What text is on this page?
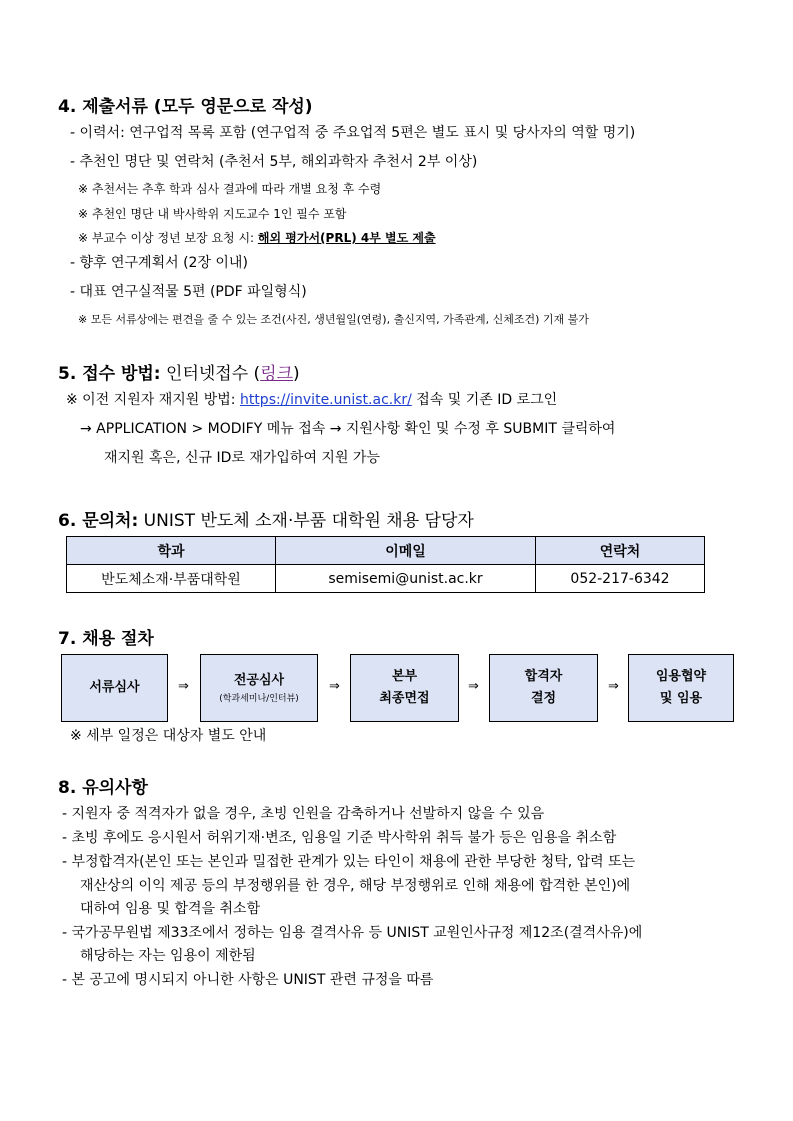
4. 제출서류 (모두 영문으로 작성)
- 이력서: 연구업적 목록 포함 (연구업적 중 주요업적 5편은 별도 표시 및 당사자의 역할 명기)
- 추천인 명단 및 연락처 (추천서 5부, 해외과학자 추천서 2부 이상)
※ 추천서는 추후 학과 심사 결과에 따라 개별 요청 후 수령
※ 추천인 명단 내 박사학위 지도교수 1인 필수 포함
※ 부교수 이상 정년 보장 요청 시: 해외 평가서(PRL) 4부 별도 제출
- 향후 연구계획서 (2장 이내)
- 대표 연구실적물 5편 (PDF 파일형식)
※ 모든 서류상에는 편견을 줄 수 있는 조건(사진, 생년월일(연령), 출신지역, 가족관계, 신체조건) 기재 불가
5. 접수 방법: 인터넷접수 (링크)
※ 이전 지원자 재지원 방법: https://invite.unist.ac.kr/ 접속 및 기존 ID 로그인
→ APPLICATION > MODIFY 메뉴 접속 → 지원사항 확인 및 수정 후 SUBMIT 클릭하여
재지원 혹은, 신규 ID로 재가입하여 지원 가능
6. 문의처: UNIST 반도체 소재·부품 대학원 채용 담당자
학과	이메일	연락처
반도체소재·부품대학원	semisemi@unist.ac.kr	052-217-6342
7. 채용 절차
서류심사	⇒	전공심사
(학과세미나/인터뷰)
⇒
본부
최종면접
⇒
합격자
결정
⇒
임용협약
및 임용
※ 세부 일정은 대상자 별도 안내
8. 유의사항
- 지원자 중 적격자가 없을 경우, 초빙 인원을 감축하거나 선발하지 않을 수 있음
- 초빙 후에도 응시원서 허위기재·변조, 임용일 기준 박사학위 취득 불가 등은 임용을 취소함
- 부정합격자(본인 또는 본인과 밀접한 관계가 있는 타인이 채용에 관한 부당한 청탁, 압력 또는
재산상의 이익 제공 등의 부정행위를 한 경우, 해당 부정행위로 인해 채용에 합격한 본인)에
대하여 임용 및 합격을 취소함
- 국가공무원법 제33조에서 정하는 임용 결격사유 등 UNIST 교원인사규정 제12조(결격사유)에
해당하는 자는 임용이 제한됨
- 본 공고에 명시되지 아니한 사항은 UNIST 관련 규정을 따름
